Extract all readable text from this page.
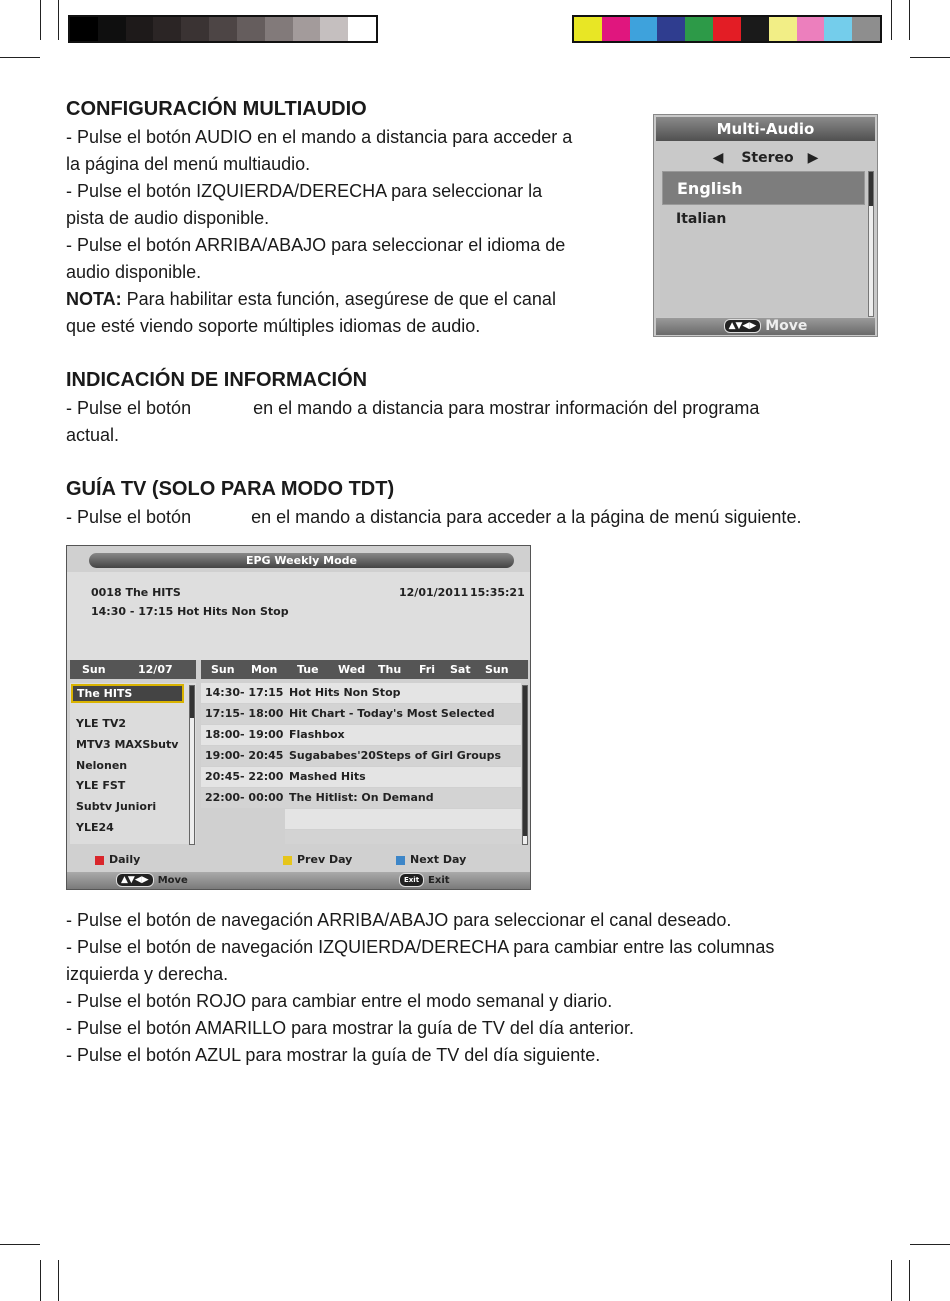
CONFIGURACIÓN MULTIAUDIO
- Pulse el botón AUDIO en el mando a distancia para acceder a
la página del menú multiaudio.
- Pulse el botón IZQUIERDA/DERECHA para seleccionar la
pista de audio disponible.
- Pulse el botón ARRIBA/ABAJO para seleccionar el idioma de
audio disponible.
NOTA: Para habilitar esta función, asegúrese de que el canal
que esté viendo soporte múltiples idiomas de audio.
Multi-Audio
◀ Stereo ▶
English
Italian
▲▼◀▶ Move
INDICACIÓN DE INFORMACIÓN
- Pulse el botón	en el mando a distancia para mostrar información del programa
actual.
GUÍA TV (SOLO PARA MODO TDT)
- Pulse el botón	en el mando a distancia para acceder a la página de menú siguiente.
EPG Weekly Mode
0018 The HITS	12/01/2011 15:35:21
14:30 - 17:15 Hot Hits Non Stop
Sun	12/07	Sun Mon Tue Wed Thu Fri Sat Sun
The HITS
YLE TV2
MTV3 MAXSbutv
Nelonen
YLE FST
Subtv Juniori
YLE24
14:30- 17:15 Hot Hits Non Stop
17:15- 18:00 Hit Chart - Today's Most Selected
18:00- 19:00 Flashbox
19:00- 20:45 Sugababes'20Steps of Girl Groups
20:45- 22:00 Mashed Hits
22:00- 00:00 The Hitlist: On Demand
Daily	Prev Day	Next Day
▲▼◀▶ Move	Exit Exit
- Pulse el botón de navegación ARRIBA/ABAJO para seleccionar el canal deseado.
- Pulse el botón de navegación IZQUIERDA/DERECHA para cambiar entre las columnas
izquierda y derecha.
- Pulse el botón ROJO para cambiar entre el modo semanal y diario.
- Pulse el botón AMARILLO para mostrar la guía de TV del día anterior.
- Pulse el botón AZUL para mostrar la guía de TV del día siguiente.
